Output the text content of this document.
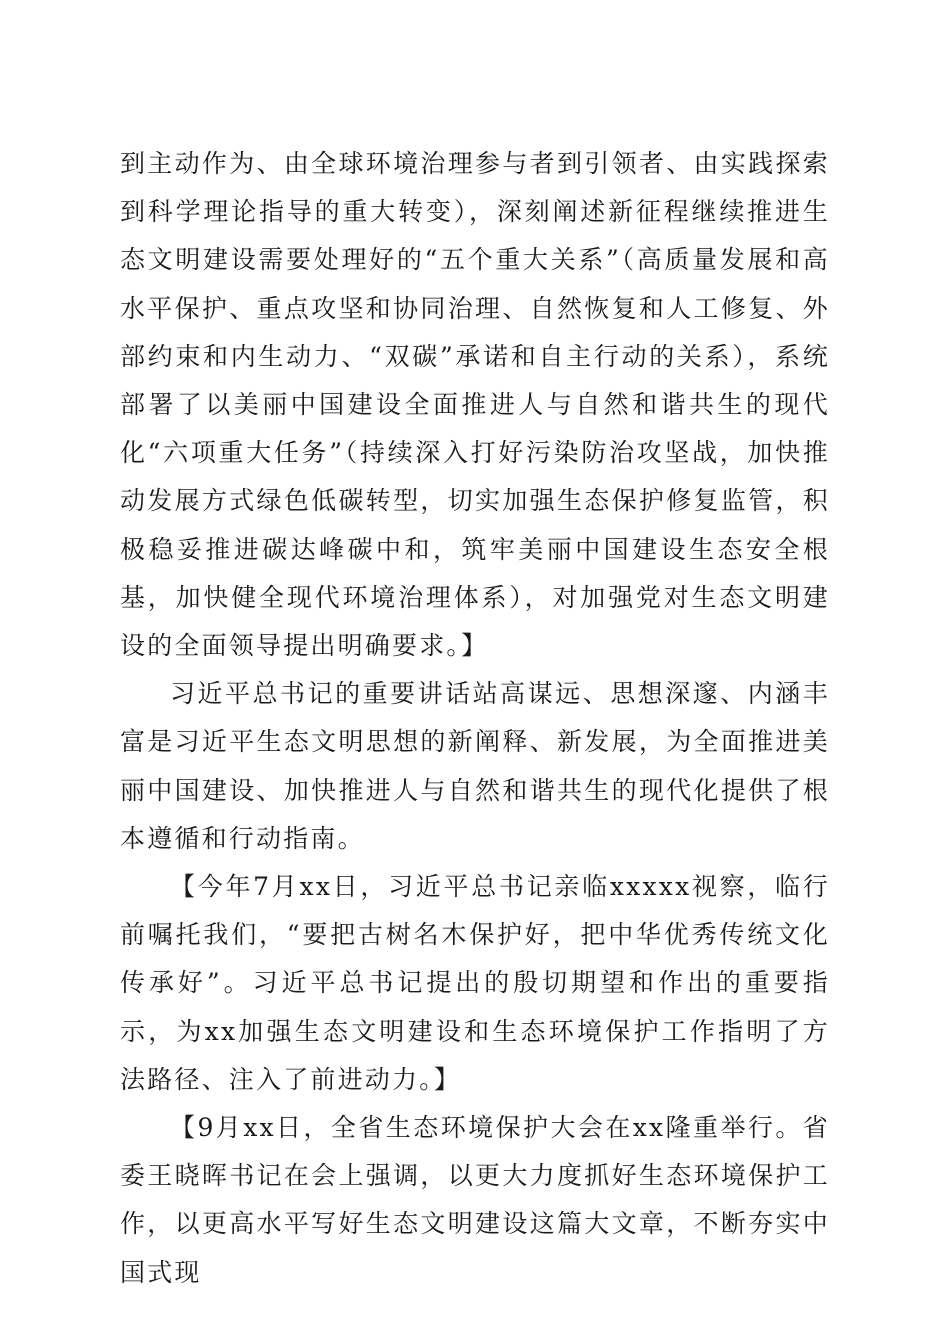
到主动作为、由全球环境治理参与者到引领者、由实践探索到科学理论指导的重大转变），深刻阐述新征程继续推进生态文明建设需要处理好的“五个重大关系”（高质量发展和高水平保护、重点攻坚和协同治理、自然恢复和人工修复、外部约束和内生动力、“双碳”承诺和自主行动的关系），系统部署了以美丽中国建设全面推进人与自然和谐共生的现代化“六项重大任务”（持续深入打好污染防治攻坚战，加快推动发展方式绿色低碳转型，切实加强生态保护修复监管，积极稳妥推进碳达峰碳中和，筑牢美丽中国建设生态安全根基，加快健全现代环境治理体系），对加强党对生态文明建设的全面领导提出明确要求。】

习近平总书记的重要讲话站高谋远、思想深邃、内涵丰富是习近平生态文明思想的新阐释、新发展，为全面推进美丽中国建设、加快推进人与自然和谐共生的现代化提供了根本遵循和行动指南。

【今年7月xx日，习近平总书记亲临xxxxx视察，临行前嘱托我们，“要把古树名木保护好，把中华优秀传统文化传承好”。习近平总书记提出的殷切期望和作出的重要指示，为xx加强生态文明建设和生态环境保护工作指明了方法路径、注入了前进动力。】

【9月xx日，全省生态环境保护大会在xx隆重举行。省委王晓晖书记在会上强调，以更大力度抓好生态环境保护工作，以更高水平写好生态文明建设这篇大文章，不断夯实中国式现
